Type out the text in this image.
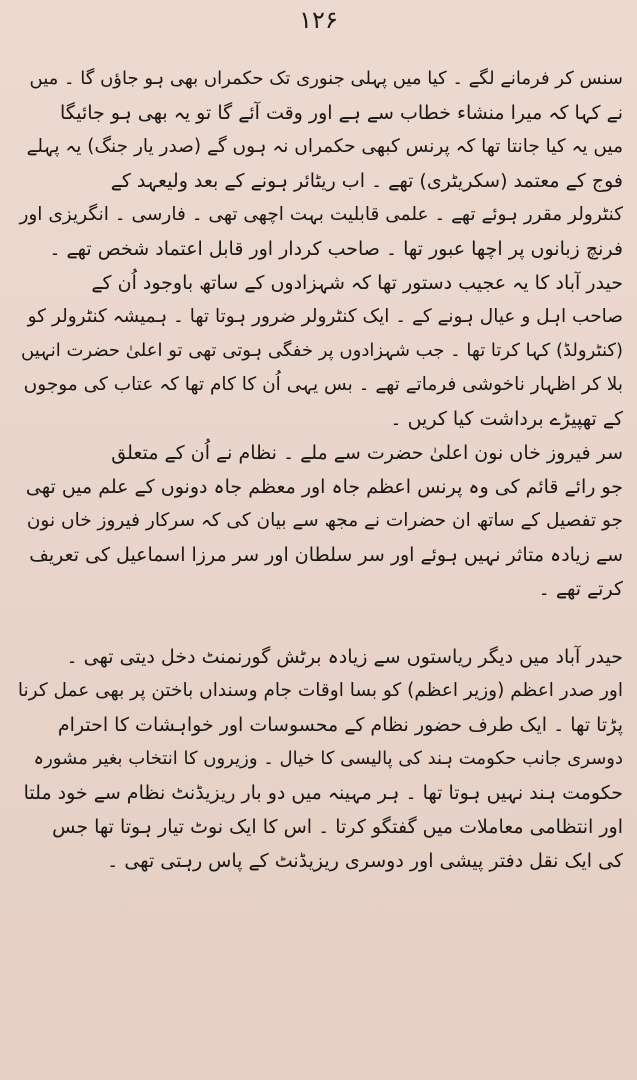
۱۲۶
سنس کر فرمانے لگے ۔ کیا میں پہلی جنوری تک حکمراں بھی ہو جاؤں گا ۔ میں
نے کہا کہ میرا منشاء خطاب سے ہے اور وقت آئے گا تو یہ بھی ہو جائیگا
میں یہ کیا جانتا تھا کہ پرنس کبھی حکمراں نہ ہوں گے (صدر یار جنگ) یہ پہلے
فوج کے معتمد (سکریٹری) تھے ۔ اب ریٹائر ہونے کے بعد ولیعہد کے
کنٹرولر مقرر ہوئے تھے ۔ علمی قابلیت بہت اچھی تھی ۔ فارسی ۔ انگریزی اور
فرنچ زبانوں پر اچھا عبور تھا ۔ صاحب کردار اور قابل اعتماد شخص تھے ۔
حیدر آباد کا یہ عجیب دستور تھا کہ شہزادوں کے ساتھ باوجود اُن کے
صاحب اہل و عیال ہونے کے ۔ ایک کنٹرولر ضرور ہوتا تھا ۔ ہمیشہ کنٹرولر کو
(کنٹرولڈ) کہا کرتا تھا ۔ جب شہزادوں پر خفگی ہوتی تھی تو اعلیٰ حضرت انہیں
بلا کر اظہار ناخوشی فرماتے تھے ۔ بس یہی اُن کا کام تھا کہ عتاب کی موجوں
کے تھپیڑے برداشت کیا کریں ۔
سر فیروز خاں نون اعلیٰ حضرت سے ملے ۔ نظام نے اُن کے متعلق
جو رائے قائم کی وہ پرنس اعظم جاہ اور معظم جاہ دونوں کے علم میں تھی
جو تفصیل کے ساتھ ان حضرات نے مجھ سے بیان کی کہ سرکار فیروز خاں نون
سے زیادہ متاثر نہیں ہوئے اور سر سلطان اور سر مرزا اسماعیل کی تعریف
کرتے تھے ۔
حیدر آباد میں دیگر ریاستوں سے زیادہ برٹش گورنمنٹ دخل دیتی تھی ۔
اور صدر اعظم (وزیر اعظم) کو بسا اوقات جام وسنداں باختن پر بھی عمل کرنا
پڑتا تھا ۔ ایک طرف حضور نظام کے محسوسات اور خواہشات کا احترام
دوسری جانب حکومت ہند کی پالیسی کا خیال ۔ وزیروں کا انتخاب بغیر مشورہ
حکومت ہند نہیں ہوتا تھا ۔ ہر مہینہ میں دو بار ریزیڈنٹ نظام سے خود ملتا
اور انتظامی معاملات میں گفتگو کرتا ۔ اس کا ایک نوٹ تیار ہوتا تھا جس
کی ایک نقل دفتر پیشی اور دوسری ریزیڈنٹ کے پاس رہتی تھی ۔
